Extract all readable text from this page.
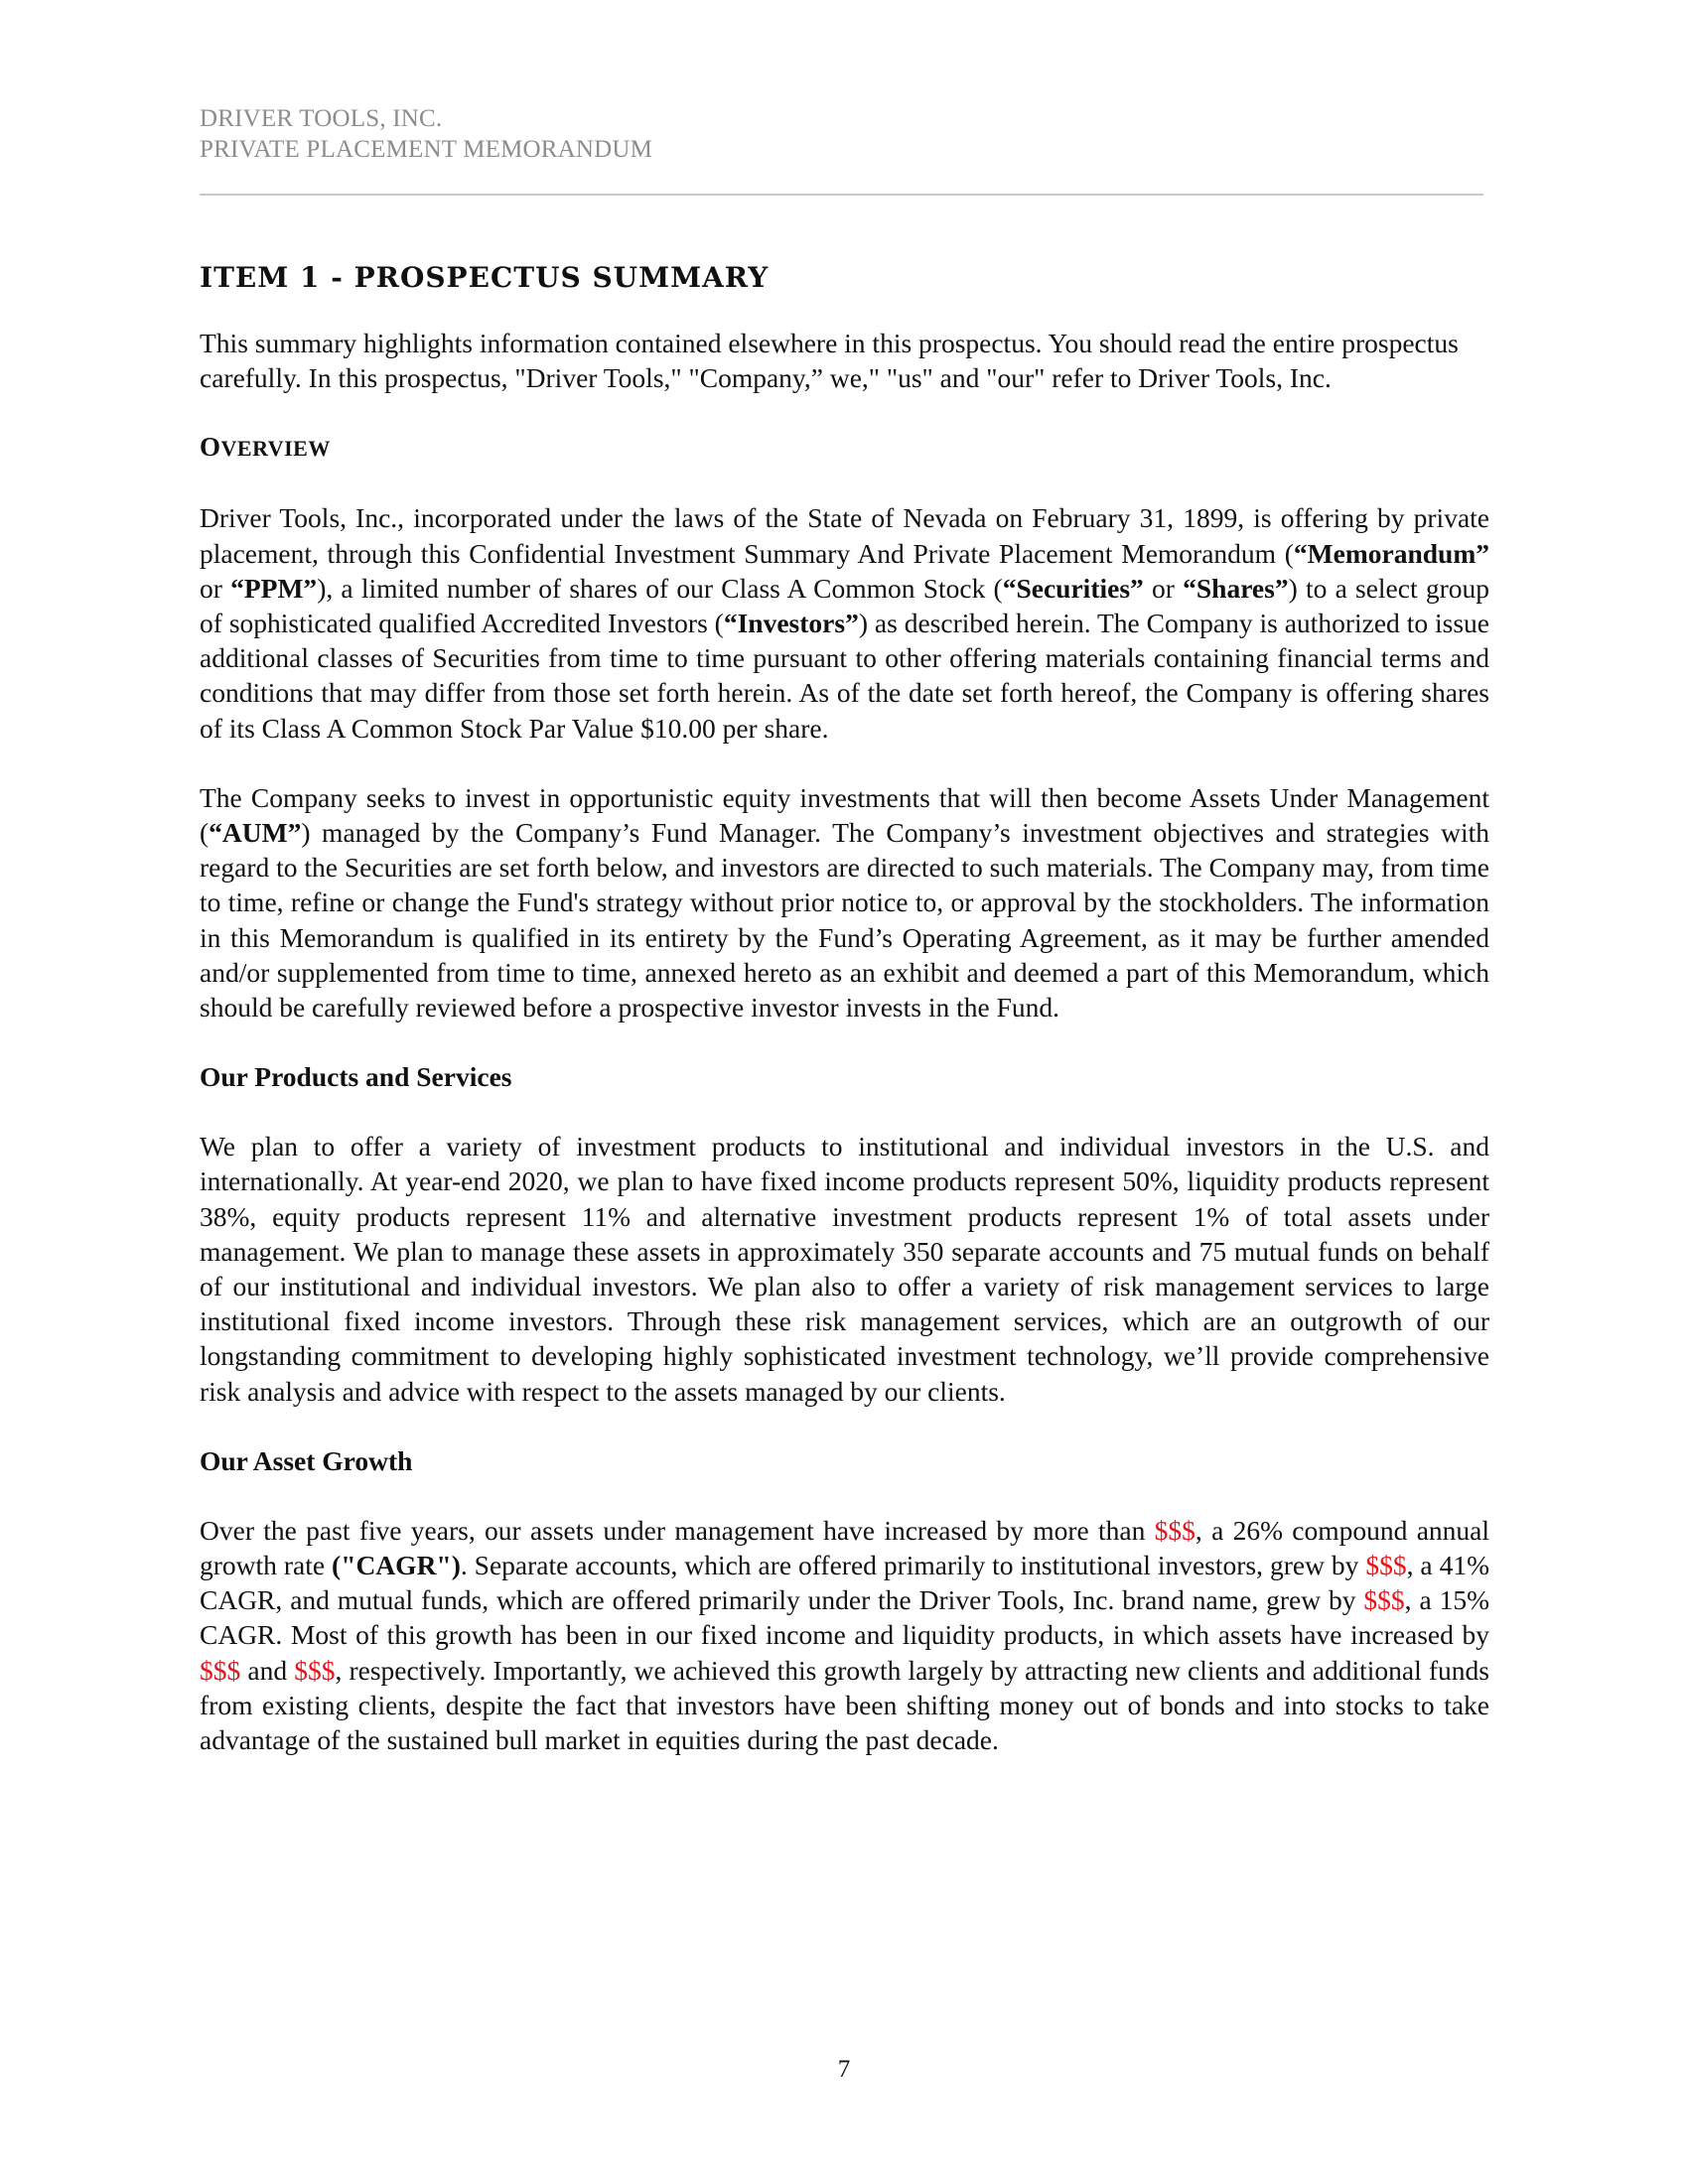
DRIVER TOOLS, INC.
PRIVATE PLACEMENT MEMORANDUM
ITEM 1 - PROSPECTUS SUMMARY

This summary highlights information contained elsewhere in this prospectus. You should read the entire prospectus carefully. In this prospectus, "Driver Tools," "Company,” we," "us" and "our" refer to Driver Tools, Inc.

OVERVIEW

Driver Tools, Inc., incorporated under the laws of the State of Nevada on February 31, 1899, is offering by private placement, through this Confidential Investment Summary And Private Placement Memorandum (“Memorandum” or “PPM”), a limited number of shares of our Class A Common Stock (“Securities” or “Shares”) to a select group of sophisticated qualified Accredited Investors (“Investors”) as described herein. The Company is authorized to issue additional classes of Securities from time to time pursuant to other offering materials containing financial terms and conditions that may differ from those set forth herein. As of the date set forth hereof, the Company is offering shares of its Class A Common Stock Par Value $10.00 per share.

The Company seeks to invest in opportunistic equity investments that will then become Assets Under Management (“AUM”) managed by the Company’s Fund Manager. The Company’s investment objectives and strategies with regard to the Securities are set forth below, and investors are directed to such materials. The Company may, from time to time, refine or change the Fund's strategy without prior notice to, or approval by the stockholders. The information in this Memorandum is qualified in its entirety by the Fund’s Operating Agreement, as it may be further amended and/or supplemented from time to time, annexed hereto as an exhibit and deemed a part of this Memorandum, which should be carefully reviewed before a prospective investor invests in the Fund.

Our Products and Services

We plan to offer a variety of investment products to institutional and individual investors in the U.S. and internationally. At year-end 2020, we plan to have fixed income products represent 50%, liquidity products represent 38%, equity products represent 11% and alternative investment products represent 1% of total assets under management. We plan to manage these assets in approximately 350 separate accounts and 75 mutual funds on behalf of our institutional and individual investors. We plan also to offer a variety of risk management services to large institutional fixed income investors. Through these risk management services, which are an outgrowth of our longstanding commitment to developing highly sophisticated investment technology, we’ll provide comprehensive risk analysis and advice with respect to the assets managed by our clients.

Our Asset Growth

Over the past five years, our assets under management have increased by more than $$$, a 26% compound annual growth rate ("CAGR"). Separate accounts, which are offered primarily to institutional investors, grew by $$$, a 41% CAGR, and mutual funds, which are offered primarily under the Driver Tools, Inc. brand name, grew by $$$, a 15% CAGR. Most of this growth has been in our fixed income and liquidity products, in which assets have increased by $$$ and $$$, respectively. Importantly, we achieved this growth largely by attracting new clients and additional funds from existing clients, despite the fact that investors have been shifting money out of bonds and into stocks to take advantage of the sustained bull market in equities during the past decade.

7
